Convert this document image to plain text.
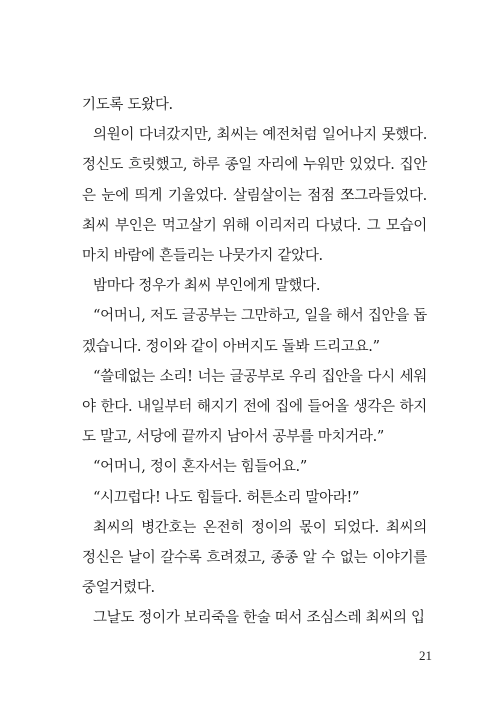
기도록 도왔다.

의원이 다녀갔지만, 최씨는 예전처럼 일어나지 못했다. 정신도 흐릿했고, 하루 종일 자리에 누워만 있었다. 집안은 눈에 띄게 기울었다. 살림살이는 점점 쪼그라들었다. 최씨 부인은 먹고살기 위해 이리저리 다녔다. 그 모습이 마치 바람에 흔들리는 나뭇가지 같았다.

밤마다 정우가 최씨 부인에게 말했다.

“어머니, 저도 글공부는 그만하고, 일을 해서 집안을 돕겠습니다. 정이와 같이 아버지도 돌봐 드리고요.”

“쓸데없는 소리! 너는 글공부로 우리 집안을 다시 세워야 한다. 내일부터 해지기 전에 집에 들어올 생각은 하지도 말고, 서당에 끝까지 남아서 공부를 마치거라.”

“어머니, 정이 혼자서는 힘들어요.”

“시끄럽다! 나도 힘들다. 허튼소리 말아라!”

최씨의 병간호는 온전히 정이의 몫이 되었다. 최씨의 정신은 날이 갈수록 흐려졌고, 종종 알 수 없는 이야기를 중얼거렸다.

그날도 정이가 보리죽을 한술 떠서 조심스레 최씨의 입

21
